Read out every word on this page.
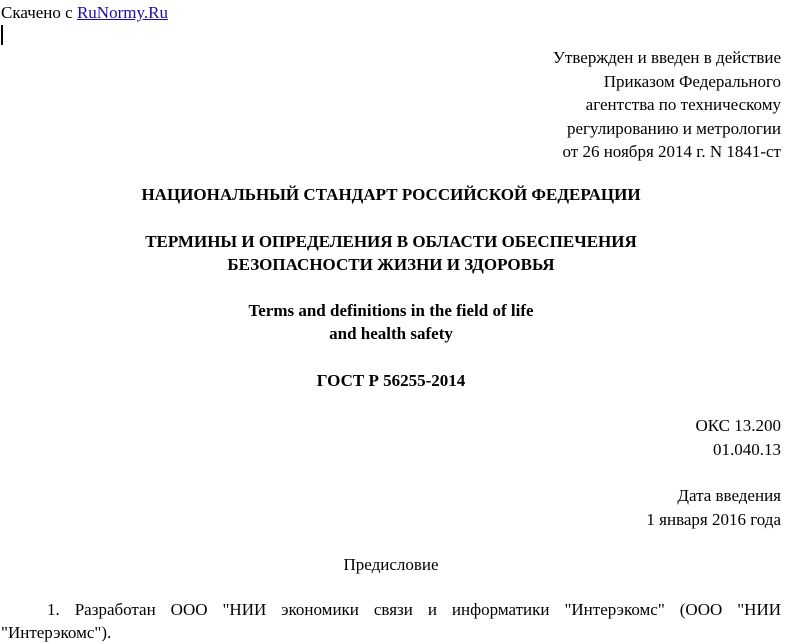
Скачено с RuNormy.Ru
Утвержден и введен в действие
Приказом Федерального
агентства по техническому
регулированию и метрологии
от 26 ноября 2014 г. N 1841-ст
НАЦИОНАЛЬНЫЙ СТАНДАРТ РОССИЙСКОЙ ФЕДЕРАЦИИ
ТЕРМИНЫ И ОПРЕДЕЛЕНИЯ В ОБЛАСТИ ОБЕСПЕЧЕНИЯ
БЕЗОПАСНОСТИ ЖИЗНИ И ЗДОРОВЬЯ
Terms and definitions in the field of life
and health safety
ГОСТ Р 56255-2014
ОКС 13.200
01.040.13
Дата введения
1 января 2016 года
Предисловие
1. Разработан ООО "НИИ экономики связи и информатики "Интерэкомс" (ООО "НИИ "Интерэкомс").
